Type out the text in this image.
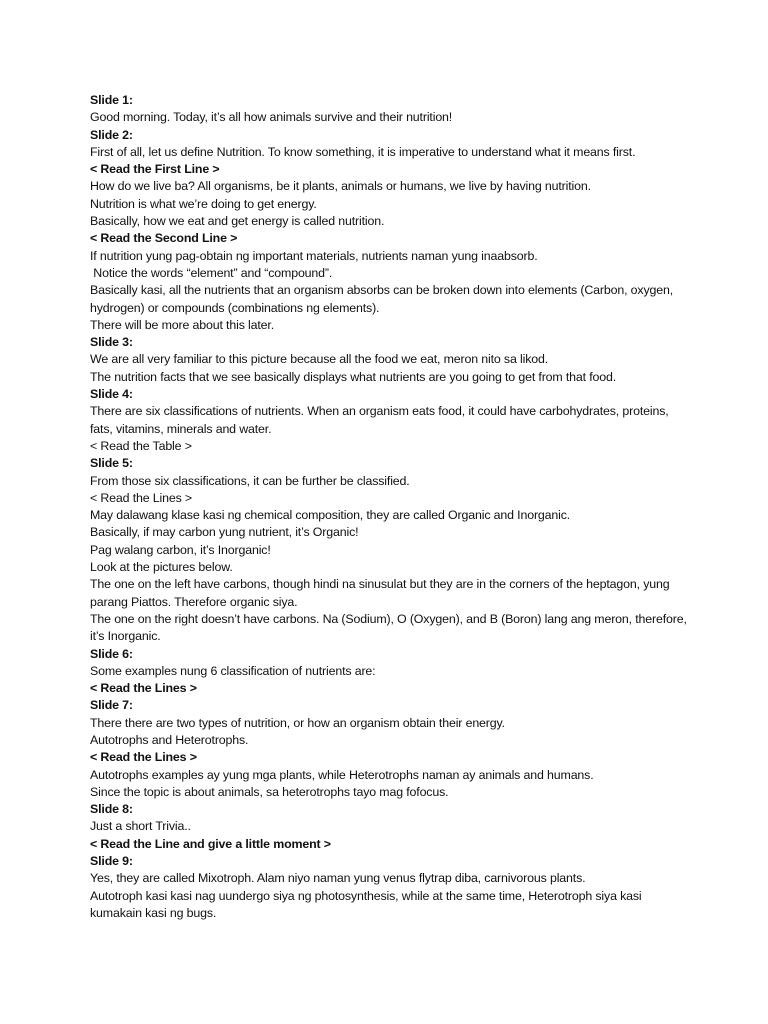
Slide 1:
Good morning. Today, it’s all how animals survive and their nutrition!
Slide 2:
First of all, let us define Nutrition. To know something, it is imperative to understand what it means first.
< Read the First Line >
How do we live ba? All organisms, be it plants, animals or humans, we live by having nutrition.
Nutrition is what we’re doing to get energy.
Basically, how we eat and get energy is called nutrition.
< Read the Second Line >
If nutrition yung pag-obtain ng important materials, nutrients naman yung inaabsorb.
Notice the words “element” and “compound”.
Basically kasi, all the nutrients that an organism absorbs can be broken down into elements (Carbon, oxygen, hydrogen) or compounds (combinations ng elements).
There will be more about this later.
Slide 3:
We are all very familiar to this picture because all the food we eat, meron nito sa likod.
The nutrition facts that we see basically displays what nutrients are you going to get from that food.
Slide 4:
There are six classifications of nutrients. When an organism eats food, it could have carbohydrates, proteins, fats, vitamins, minerals and water.
< Read the Table >
Slide 5:
From those six classifications, it can be further be classified.
< Read the Lines >
May dalawang klase kasi ng chemical composition, they are called Organic and Inorganic.
Basically, if may carbon yung nutrient, it’s Organic!
Pag walang carbon, it’s Inorganic!
Look at the pictures below.
The one on the left have carbons, though hindi na sinusulat but they are in the corners of the heptagon, yung parang Piattos. Therefore organic siya.
The one on the right doesn’t have carbons. Na (Sodium), O (Oxygen), and B (Boron) lang ang meron, therefore, it’s Inorganic.
Slide 6:
Some examples nung 6 classification of nutrients are:
< Read the Lines >
Slide 7:
There there are two types of nutrition, or how an organism obtain their energy.
Autotrophs and Heterotrophs.
< Read the Lines >
Autotrophs examples ay yung mga plants, while Heterotrophs naman ay animals and humans.
Since the topic is about animals, sa heterotrophs tayo mag fofocus.
Slide 8:
Just a short Trivia..
< Read the Line and give a little moment >
Slide 9:
Yes, they are called Mixotroph. Alam niyo naman yung venus flytrap diba, carnivorous plants.
Autotroph kasi kasi nag uundergo siya ng photosynthesis, while at the same time, Heterotroph siya kasi kumakain kasi ng bugs.
